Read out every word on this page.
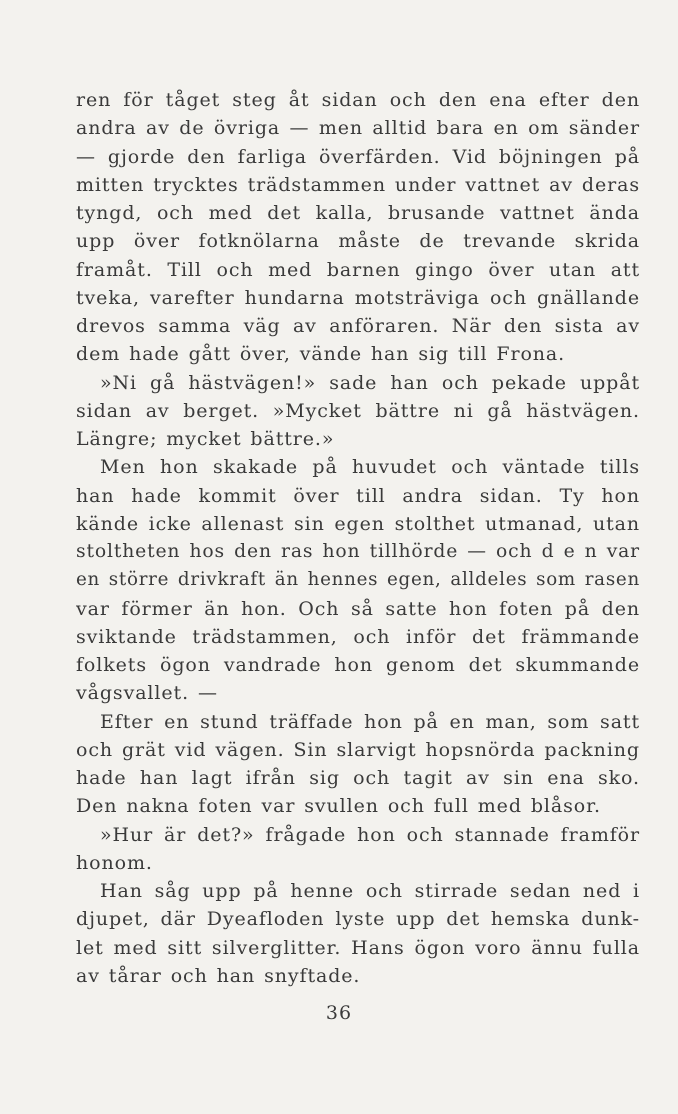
ren för tåget steg åt sidan och den ena efter den
andra av de övriga — men alltid bara en om sänder
— gjorde den farliga överfärden. Vid böjningen på
mitten trycktes trädstammen under vattnet av deras
tyngd, och med det kalla, brusande vattnet ända
upp över fotknölarna måste de trevande skrida
framåt. Till och med barnen gingo över utan att
tveka, varefter hundarna motsträviga och gnällande
drevos samma väg av anföraren. När den sista av
dem hade gått över, vände han sig till Frona.
»Ni gå hästvägen!» sade han och pekade uppåt
sidan av berget. »Mycket bättre ni gå hästvägen.
Längre; mycket bättre.»
Men hon skakade på huvudet och väntade tills
han hade kommit över till andra sidan. Ty hon
kände icke allenast sin egen stolthet utmanad, utan
stoltheten hos den ras hon tillhörde — och d e n var
en större drivkraft än hennes egen, alldeles som rasen
var förmer än hon. Och så satte hon foten på den
sviktande trädstammen, och inför det främmande
folkets ögon vandrade hon genom det skummande
vågsvallet. —
Efter en stund träffade hon på en man, som satt
och grät vid vägen. Sin slarvigt hopsnörda packning
hade han lagt ifrån sig och tagit av sin ena sko.
Den nakna foten var svullen och full med blåsor.
»Hur är det?» frågade hon och stannade framför
honom.
Han såg upp på henne och stirrade sedan ned i
djupet, där Dyeafloden lyste upp det hemska dunk-
let med sitt silverglitter. Hans ögon voro ännu fulla
av tårar och han snyftade.
36
